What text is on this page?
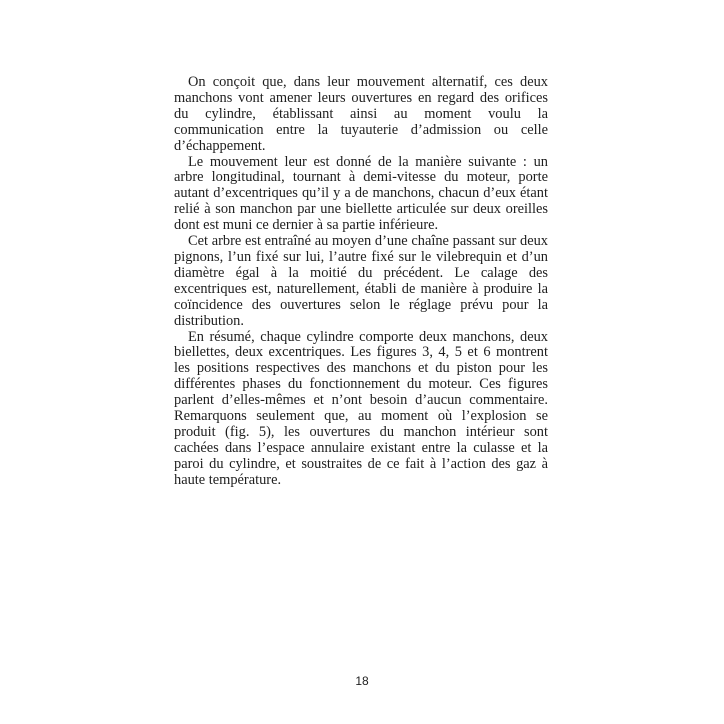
On conçoit que, dans leur mouvement alternatif, ces deux manchons vont amener leurs ouvertures en regard des orifices du cylindre, établissant ainsi au moment voulu la communication entre la tuyauterie d’admission ou celle d’échappement.

Le mouvement leur est donné de la manière suivante : un arbre longitudinal, tournant à demi-vitesse du moteur, porte autant d’excentriques qu’il y a de manchons, chacun d’eux étant relié à son manchon par une biellette articulée sur deux oreilles dont est muni ce dernier à sa partie inférieure.

Cet arbre est entraîné au moyen d’une chaîne passant sur deux pignons, l’un fixé sur lui, l’autre fixé sur le vilebrequin et d’un diamètre égal à la moitié du précédent. Le calage des excentriques est, naturellement, établi de manière à produire la coïncidence des ouvertures selon le réglage prévu pour la distribution.

En résumé, chaque cylindre comporte deux manchons, deux biellettes, deux excentriques. Les figures 3, 4, 5 et 6 montrent les positions respectives des manchons et du piston pour les différentes phases du fonctionnement du moteur. Ces figures parlent d’elles-mêmes et n’ont besoin d’aucun commentaire. Remarquons seulement que, au moment où l’explosion se produit (fig. 5), les ouvertures du manchon intérieur sont cachées dans l’espace annulaire existant entre la culasse et la paroi du cylindre, et soustraites de ce fait à l’action des gaz à haute température.

18
